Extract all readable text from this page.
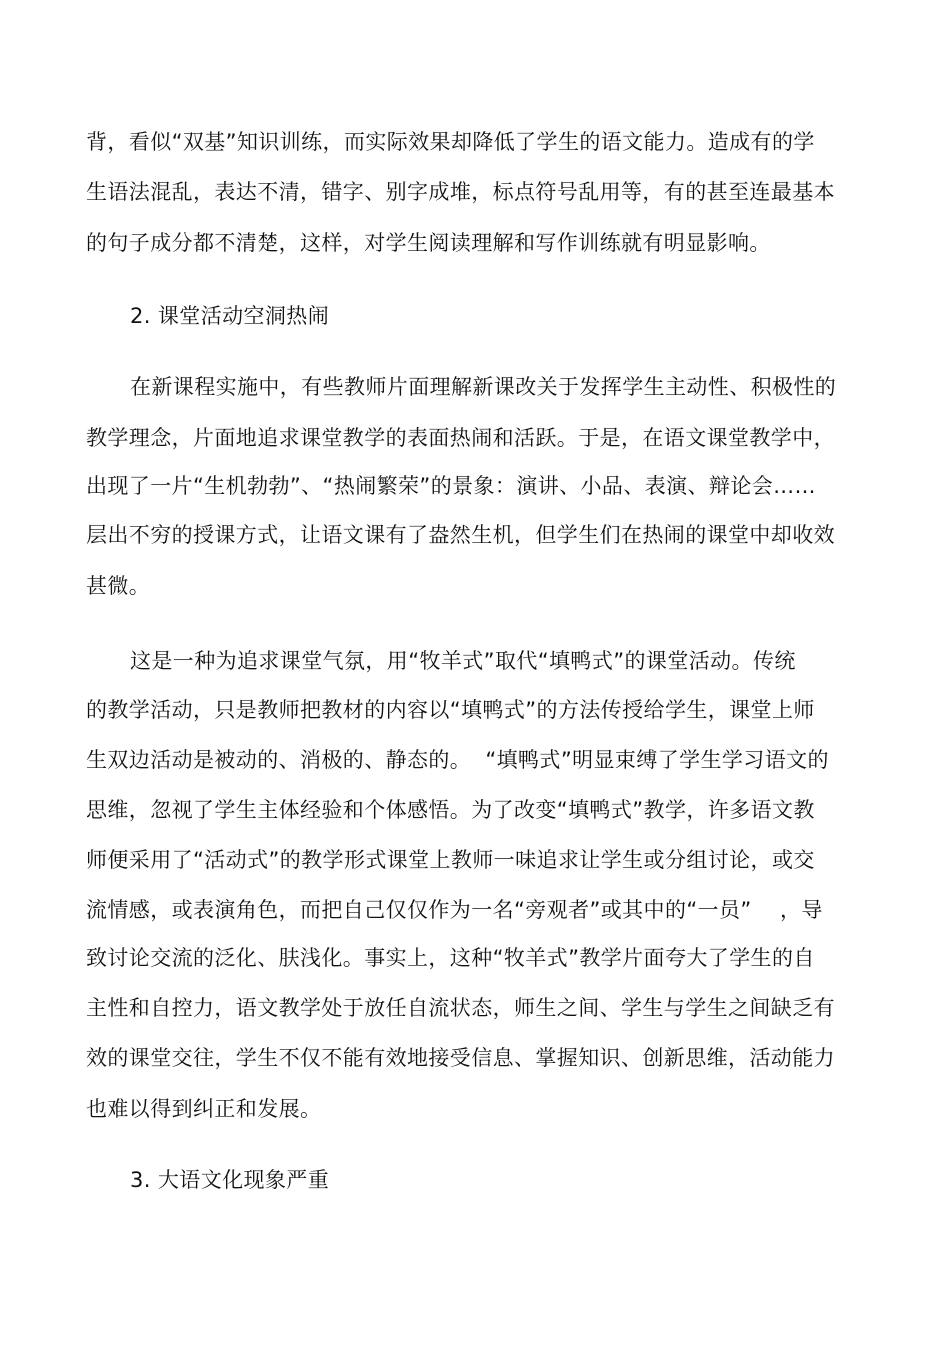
背，看似“双基”知识训练，而实际效果却降低了学生的语文能力。造成有的学
生语法混乱，表达不清，错字、别字成堆，标点符号乱用等，有的甚至连最基本
的句子成分都不清楚，这样，对学生阅读理解和写作训练就有明显影响。
2. 课堂活动空洞热闹
在新课程实施中，有些教师片面理解新课改关于发挥学生主动性、积极性的
教学理念，片面地追求课堂教学的表面热闹和活跃。于是，在语文课堂教学中，
出现了一片“生机勃勃”、“热闹繁荣”的景象：演讲、小品、表演、辩论会……
层出不穷的授课方式，让语文课有了盎然生机，但学生们在热闹的课堂中却收效
甚微。
这是一种为追求课堂气氛，用“牧羊式”取代“填鸭式”的课堂活动。传统
的教学活动，只是教师把教材的内容以“填鸭式”的方法传授给学生，课堂上师
生双边活动是被动的、消极的、静态的。  “填鸭式”明显束缚了学生学习语文的
思维，忽视了学生主体经验和个体感悟。为了改变“填鸭式”教学，许多语文教
师便采用了“活动式”的教学形式课堂上教师一味追求让学生或分组讨论，或交
流情感，或表演角色，而把自己仅仅作为一名“旁观者”或其中的“一员”    ，导
致讨论交流的泛化、肤浅化。事实上，这种“牧羊式”教学片面夸大了学生的自
主性和自控力，语文教学处于放任自流状态，师生之间、学生与学生之间缺乏有
效的课堂交往，学生不仅不能有效地接受信息、掌握知识、创新思维，活动能力
也难以得到纠正和发展。
3. 大语文化现象严重
